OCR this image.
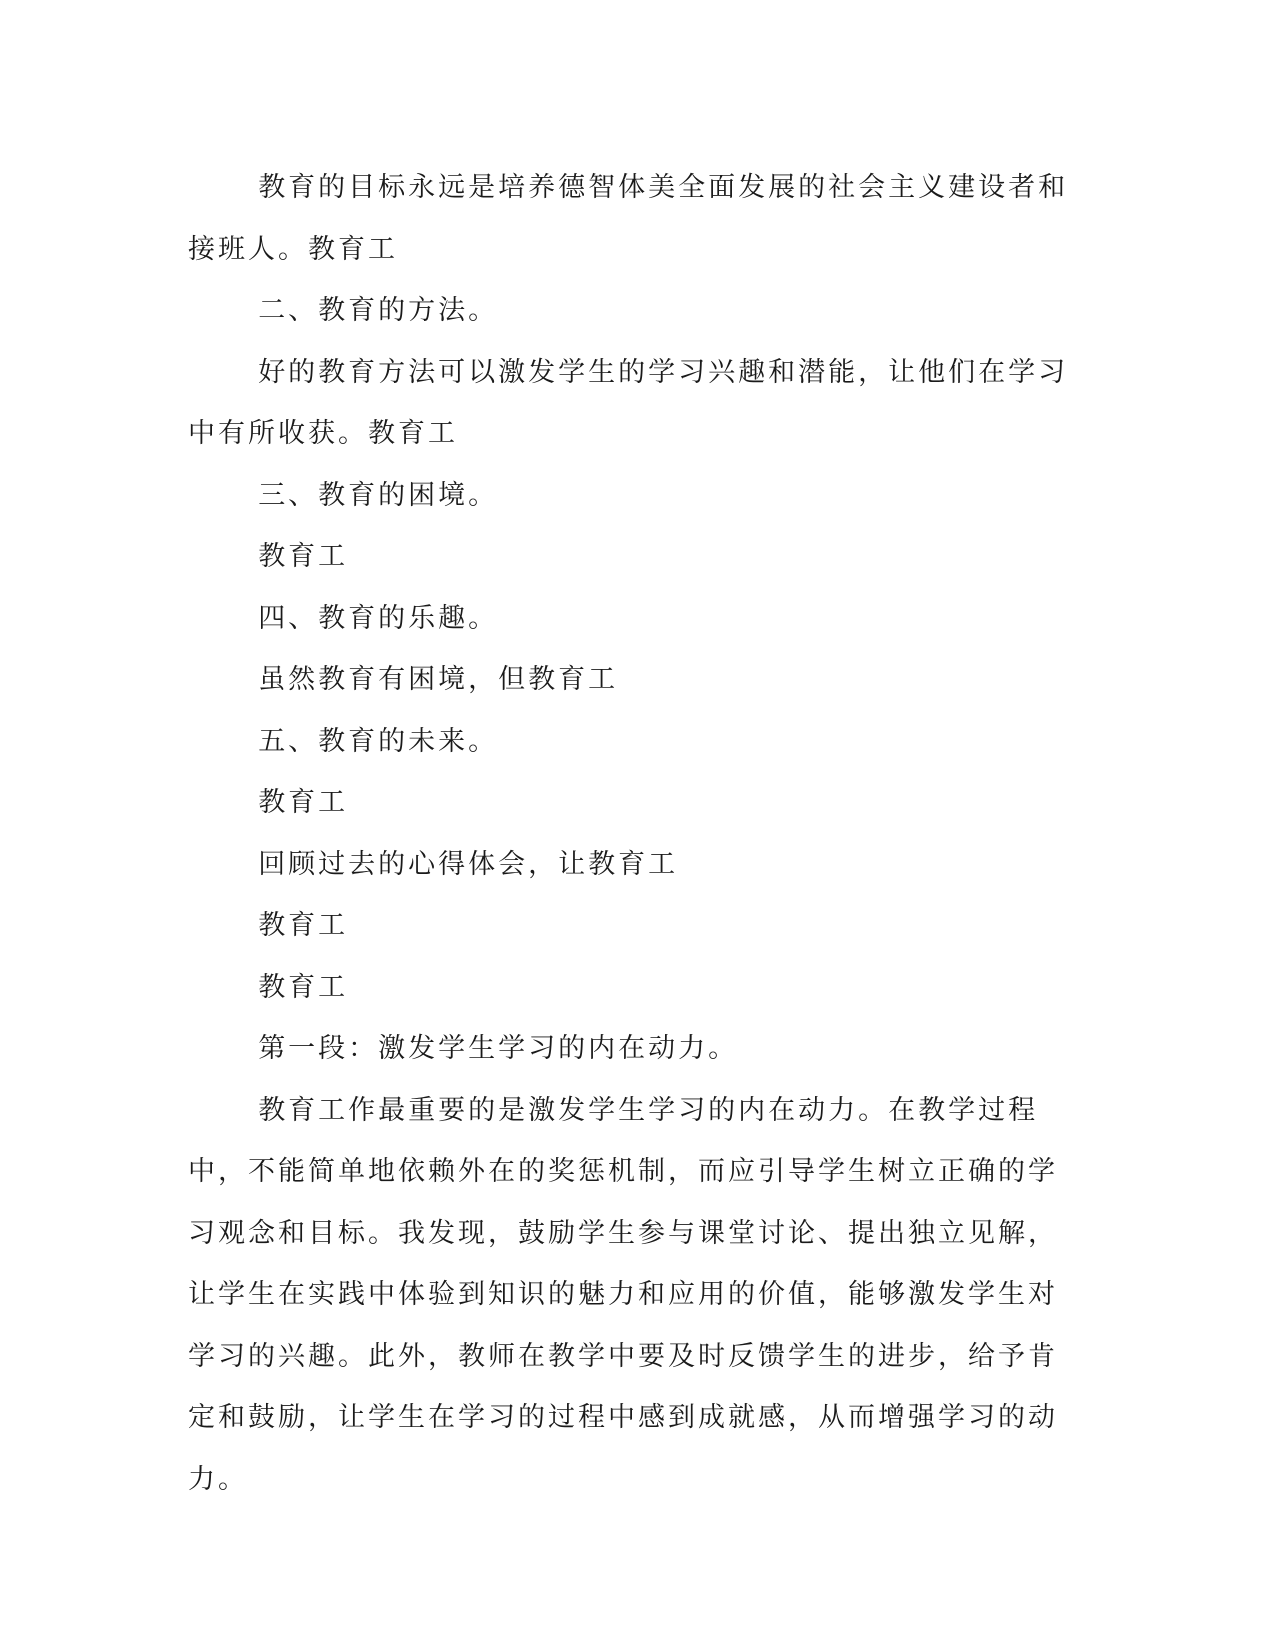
教育的目标永远是培养德智体美全面发展的社会主义建设者和接班人。教育工

二、教育的方法。

好的教育方法可以激发学生的学习兴趣和潜能，让他们在学习中有所收获。教育工

三、教育的困境。

教育工

四、教育的乐趣。

虽然教育有困境，但教育工

五、教育的未来。

教育工

回顾过去的心得体会，让教育工

教育工

教育工

第一段：激发学生学习的内在动力。

教育工作最重要的是激发学生学习的内在动力。在教学过程中，不能简单地依赖外在的奖惩机制，而应引导学生树立正确的学习观念和目标。我发现，鼓励学生参与课堂讨论、提出独立见解，让学生在实践中体验到知识的魅力和应用的价值，能够激发学生对学习的兴趣。此外，教师在教学中要及时反馈学生的进步，给予肯定和鼓励，让学生在学习的过程中感到成就感，从而增强学习的动力。
